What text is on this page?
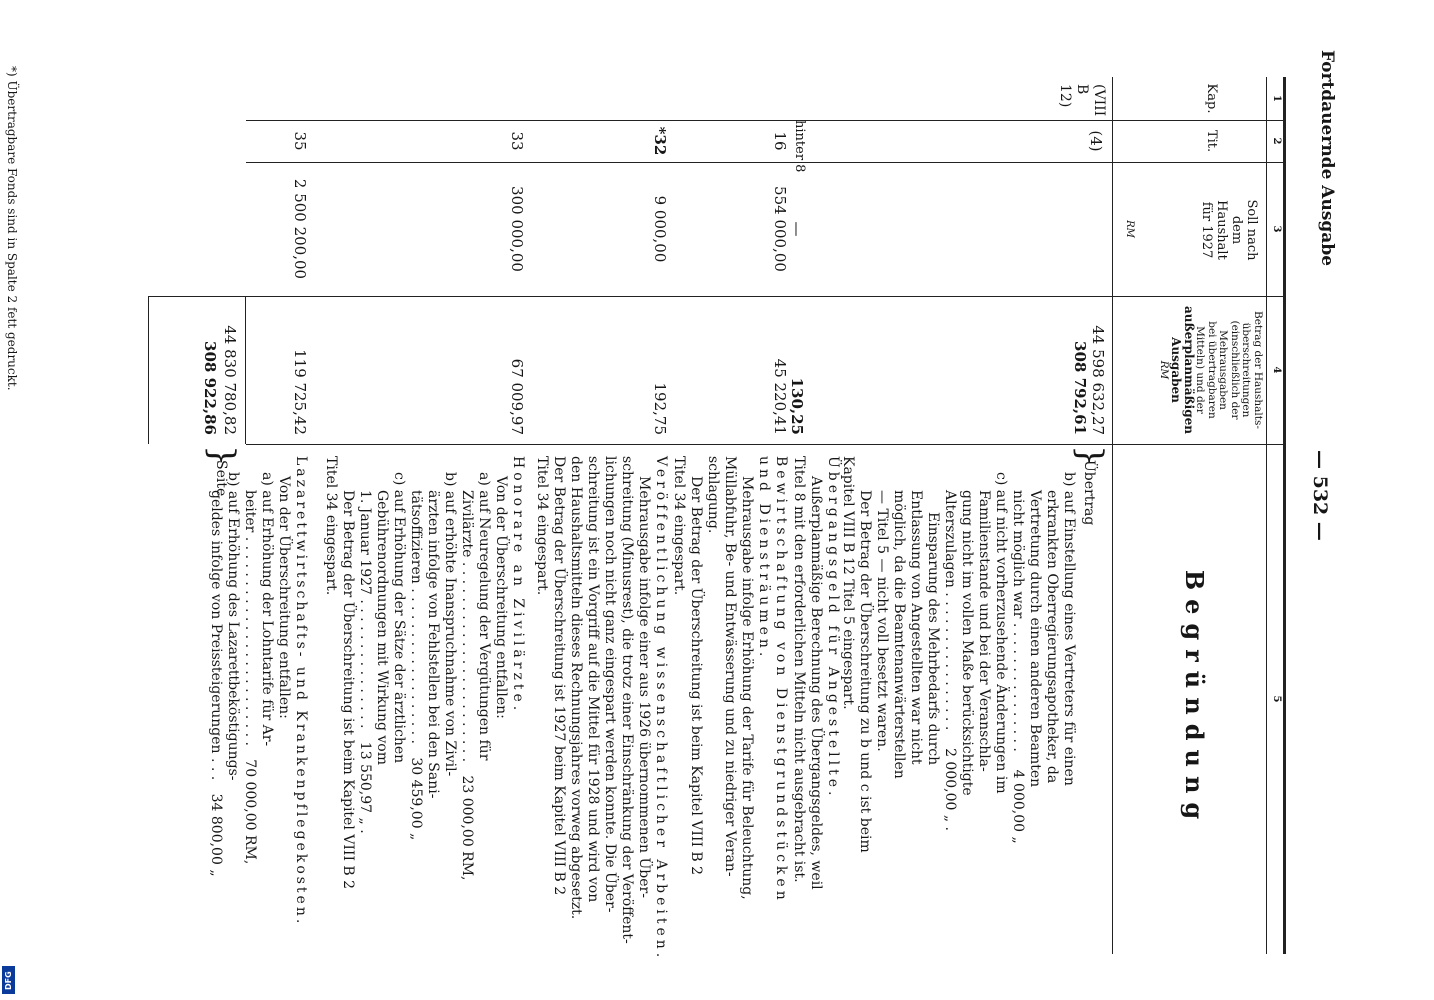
Fortdauernde Ausgabe
— 532 —
1
2
3
4
5
Kap.
Tit.
Soll nach dem Haushalt für 1927
RM
Betrag der Haushalts-
überschreitungen
(einschließlich der
Mehrausgaben
bei übertragbaren
Mitteln) und der
außerplanmäßigen
Ausgaben
RM
Begründung
(VIII B 12)
(4)
44 598 632,27
308 792,61
}
Übertrag
b) auf Einstellung eines Vertreters für einen
erkrankten Oberregierungsapotheker, da
Vertretung durch einen anderen Beamten
nicht möglich war . . . . . . . . . . . . . . .    4 000,00 „
c) auf nicht vorherzusehende Änderungen im
Familienstande und bei der Veranschla-
gung nicht im vollen Maße berücksichtigte
Alterszulagen . . . . . . . . . . . . . . . .    2 000,00 „ .
Einsparung des Mehrbedarfs durch
Entlassung von Angestellten war nicht
möglich, da die Beamtenanwärterstellen
— Titel 5 — nicht voll besetzt waren.
Der Betrag der Überschreitung zu b und c ist beim
Kapitel VIII B 12 Titel 5 eingespart.
hinter 8
—
130,25
Übergangsgeld für Angestellte.
Außerplanmäßige Berechnung des Übergangsgeldes, weil
Titel 8 mit den erforderlichen Mitteln nicht ausgebracht ist.
16
554 000,00
45 220,41
Bewirtschaftung von Dienstgrundstücken und Diensträumen.
Mehrausgabe infolge Erhöhung der Tarife für Beleuchtung,
Müllabfuhr, Be- und Entwässerung und zu niedriger Veran-
schlagung.
Der Betrag der Überschreitung ist beim Kapitel VIII B 2
Titel 34 eingespart.
*32
9 000,00
192,75
Veröffentlichung wissenschaftlicher Arbeiten.
Mehrausgabe infolge einer aus 1926 übernommenen Über-
schreitung (Minusrest), die trotz einer Einschränkung der Veröffent-
lichungen noch nicht ganz eingespart werden konnte. Die Über-
schreitung ist ein Vorgriff auf die Mittel für 1928 und wird von
den Haushaltsmitteln dieses Rechnungsjahres vorweg abgesetzt.
Der Betrag der Überschreitung ist 1927 beim Kapitel VIII B 2
Titel 34 eingespart.
33
300 000,00
67 009,97
Honorare an Zivilärzte.
Von der Überschreitung entfallen:
a) auf Neuregelung der Vergütungen für
Zivilärzte . . . . . . . . . . . . . . . . . . . . . . .   23 000,00 RM,
b) auf erhöhte Inanspruchnahme von Zivil-
ärzten infolge von Fehlstellen bei den Sani-
tätsoffizieren . . . . . . . . . . . . . . . . . .   30 459,00 „
c) auf Erhöhung der Sätze der ärztlichen
Gebührenordnungen mit Wirkung vom
1. Januar 1927 . . . . . . . . . . . . . . .   13 550,97 „ .
Der Betrag der Überschreitung ist beim Kapitel VIII B 2
Titel 34 eingespart.
35
2 500 200,00
119 725,42
Lazarettwirtschafts- und Krankenpflegekosten.
Von der Überschreitung entfallen:
a) auf Erhöhung der Lohntarife für Ar-
beiter . . . . . . . . . . . . . . . . . . . . . . . .   70 000,00 RM,
b) auf Erhöhung des Lazarettbeköstigungs-
geldes infolge von Preissteigerungen . . .   34 800,00 „
44 830 780,82
308 922,86
}
Seite
*) Übertragbare Fonds sind in Spalte 2 fett gedruckt.
DFG
